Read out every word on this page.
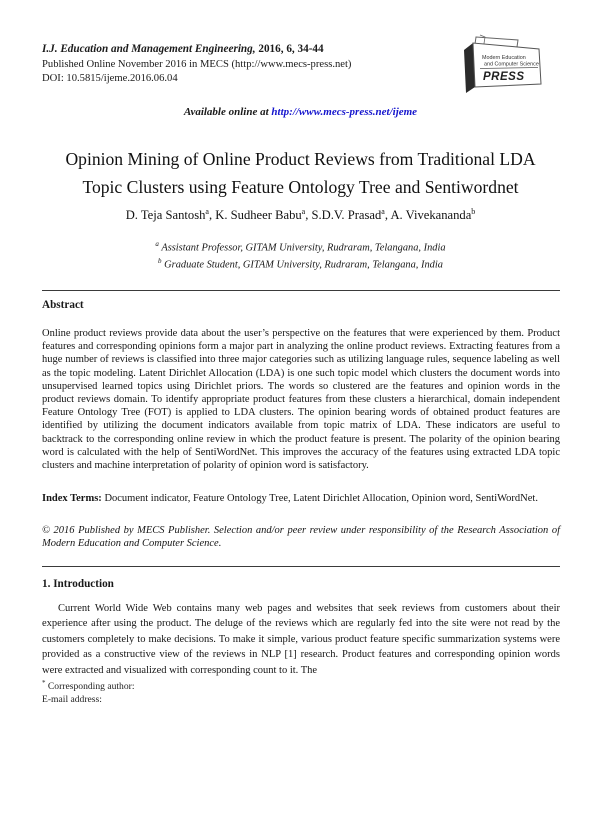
I.J. Education and Management Engineering, 2016, 6, 34-44
Published Online November 2016 in MECS (http://www.mecs-press.net)
DOI: 10.5815/ijeme.2016.06.04
Modern Education
and Computer Science
PRESS
Available online at http://www.mecs-press.net/ijeme
Opinion Mining of Online Product Reviews from Traditional LDA
Topic Clusters using Feature Ontology Tree and Sentiwordnet
D. Teja Santosh$^a$, K. Sudheer Babu$^a$, S.D.V. Prasad$^a$, A. Vivekananda$^b$
$^a$ Assistant Professor, GITAM University, Rudraram, Telangana, India
$^b$ Graduate Student, GITAM University, Rudraram, Telangana, India
Abstract
Online product reviews provide data about the user’s perspective on the features that were experienced by them. Product features and corresponding opinions form a major part in analyzing the online product reviews. Extracting features from a huge number of reviews is classified into three major categories such as utilizing language rules, sequence labeling as well as the topic modeling. Latent Dirichlet Allocation (LDA) is one such topic model which clusters the document words into unsupervised learned topics using Dirichlet priors. The words so clustered are the features and opinion words in the product reviews domain. To identify appropriate product features from these clusters a hierarchical, domain independent Feature Ontology Tree (FOT) is applied to LDA clusters. The opinion bearing words of obtained product features are identified by utilizing the document indicators available from topic matrix of LDA. These indicators are useful to backtrack to the corresponding online review in which the product feature is present. The polarity of the opinion bearing word is calculated with the help of SentiWordNet. This improves the accuracy of the features using extracted LDA topic clusters and machine interpretation of polarity of opinion word is satisfactory.
Index Terms: Document indicator, Feature Ontology Tree, Latent Dirichlet Allocation, Opinion word, SentiWordNet.
© 2016 Published by MECS Publisher. Selection and/or peer review under responsibility of the Research Association of Modern Education and Computer Science.
1. Introduction
Current World Wide Web contains many web pages and websites that seek reviews from customers about their experience after using the product. The deluge of the reviews which are regularly fed into the site were not read by the customers completely to make decisions. To make it simple, various product feature specific summarization systems were provided as a constructive view of the reviews in NLP [1] research. Product features and corresponding opinion words were extracted and visualized with corresponding count to it. The
* Corresponding author:
E-mail address:
